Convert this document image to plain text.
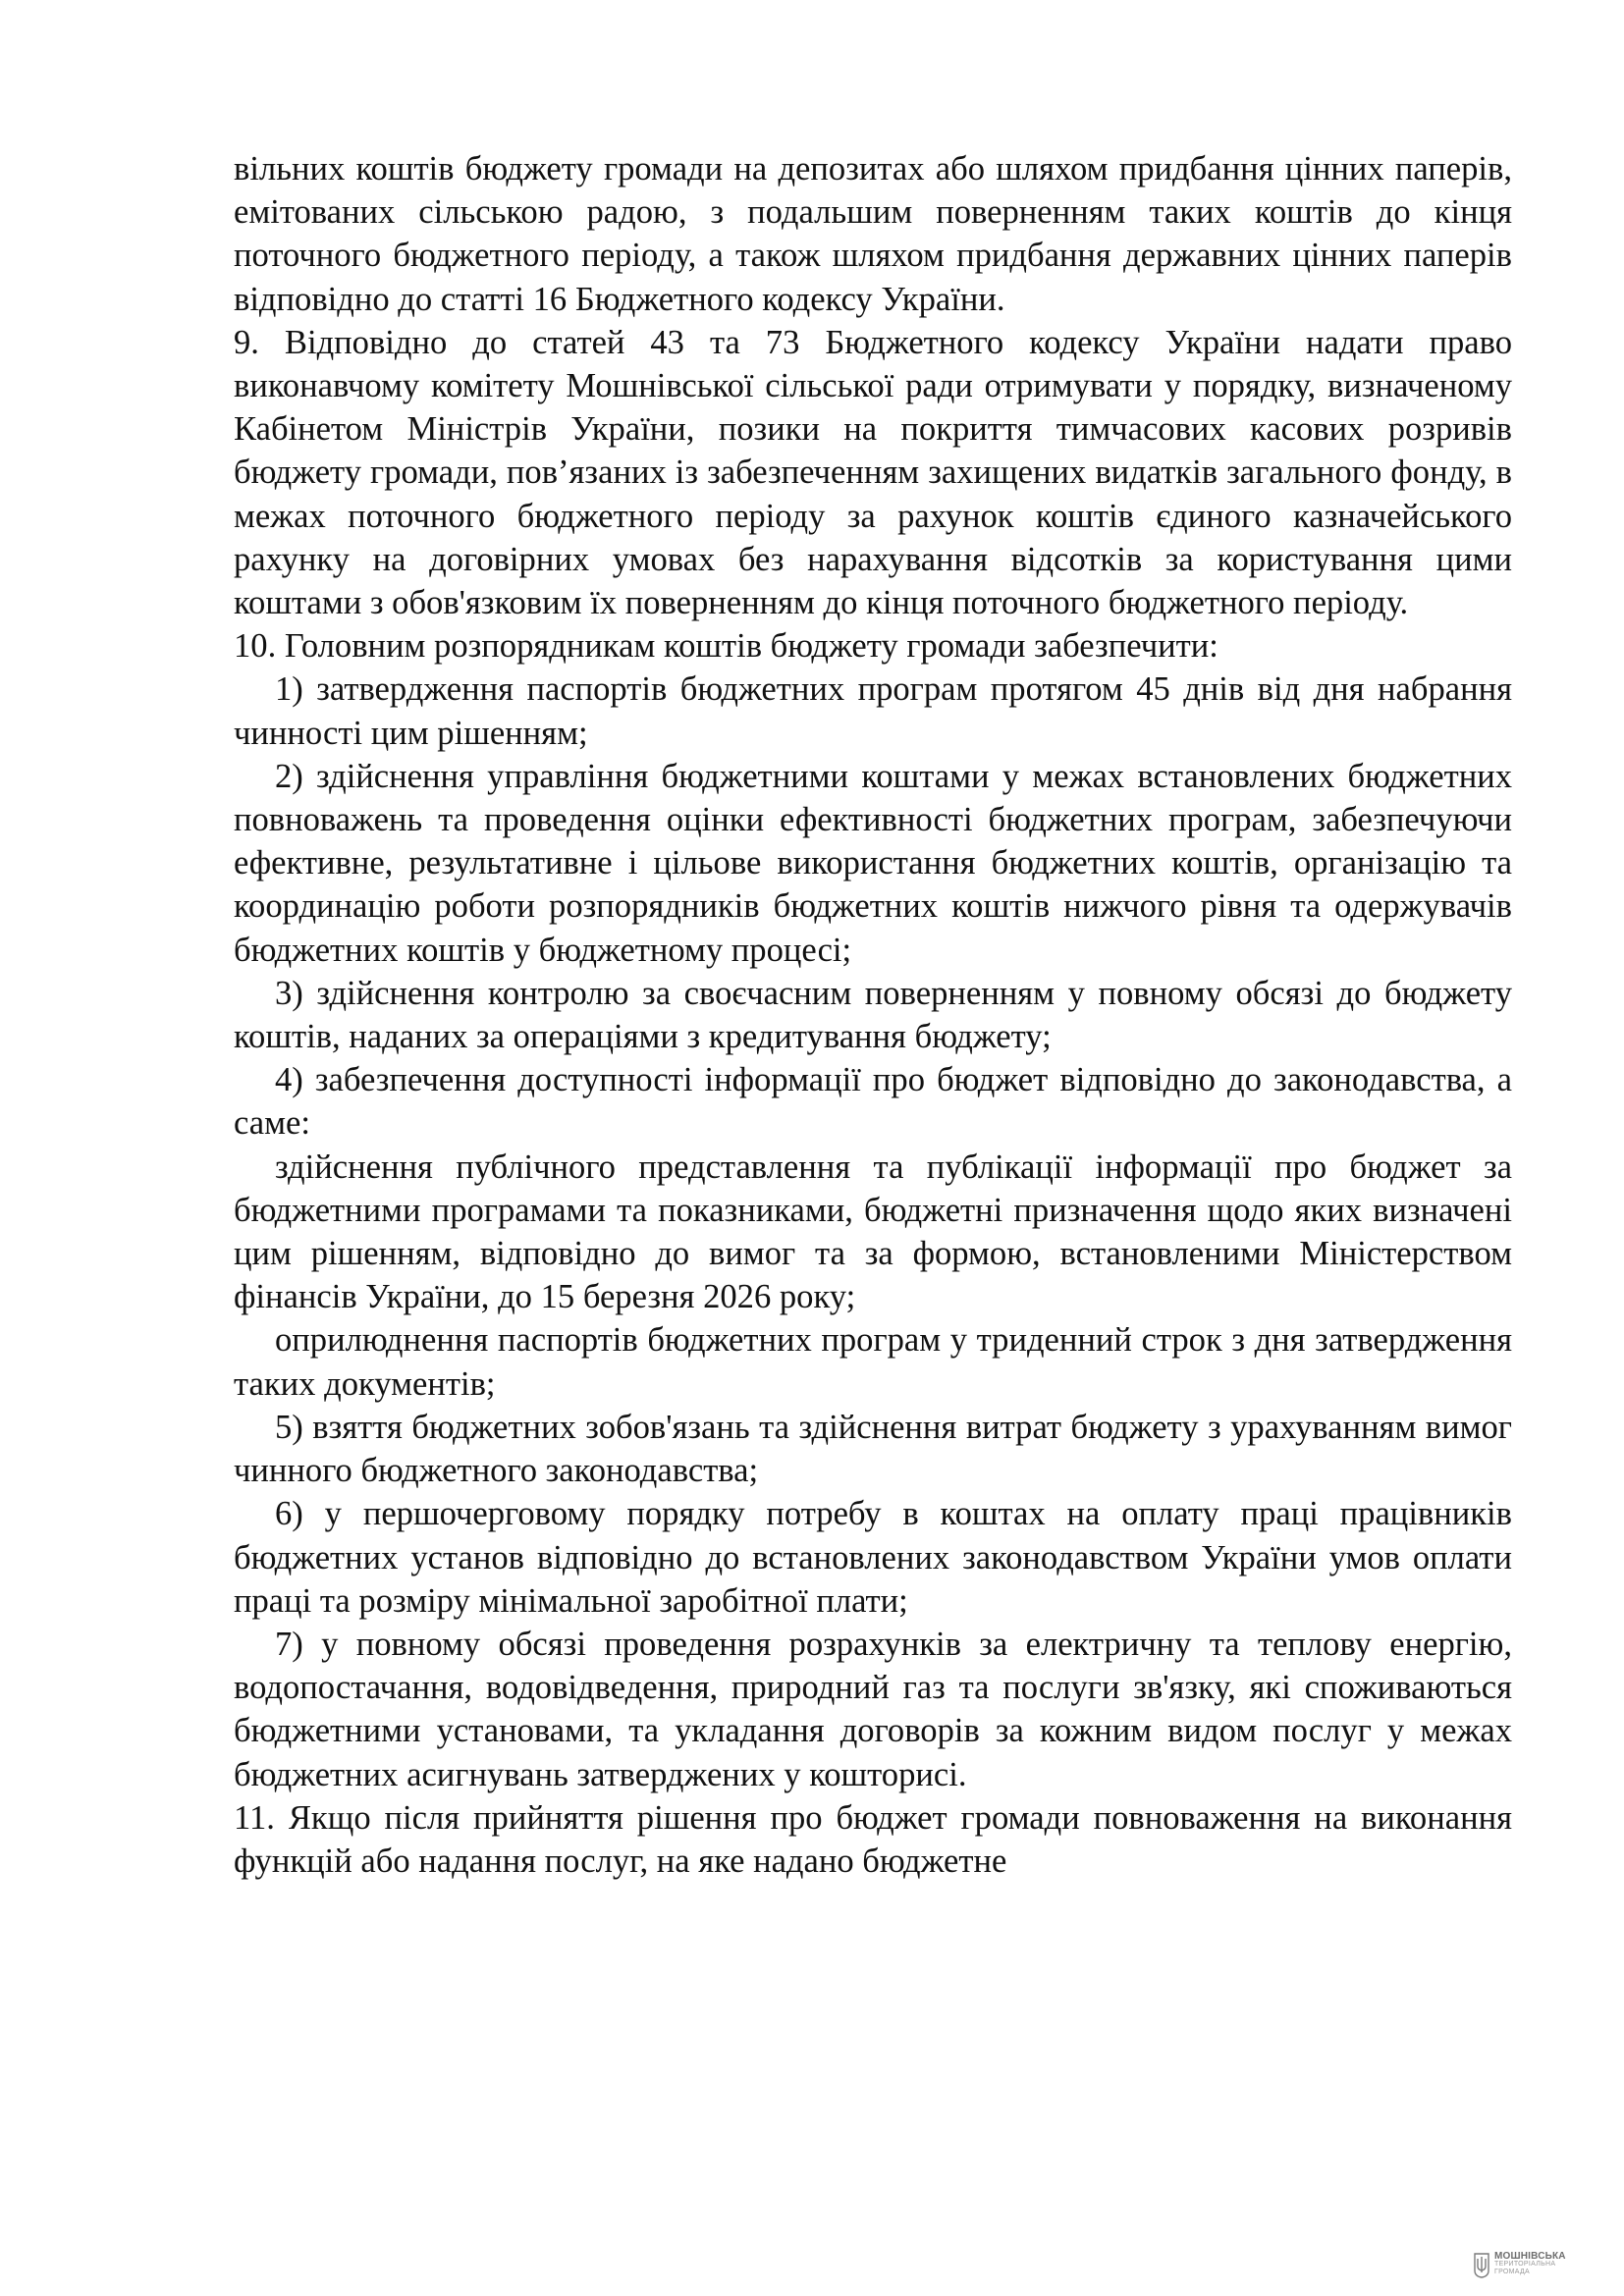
вільних коштів бюджету громади на депозитах або шляхом придбання цінних паперів, емітованих сільською радою, з подальшим поверненням таких коштів до кінця поточного бюджетного періоду, а також шляхом придбання державних цінних паперів відповідно до статті 16 Бюджетного кодексу України.

9. Відповідно до статей 43 та 73 Бюджетного кодексу України надати право виконавчому комітету Мошнівської сільської ради отримувати у порядку, визначеному Кабінетом Міністрів України, позики на покриття тимчасових касових розривів бюджету громади, пов’язаних із забезпеченням захищених видатків загального фонду, в межах поточного бюджетного періоду за рахунок коштів єдиного казначейського рахунку на договірних умовах без нарахування відсотків за користування цими коштами з обов'язковим їх поверненням до кінця поточного бюджетного періоду.

10. Головним розпорядникам коштів бюджету громади забезпечити:

1) затвердження паспортів бюджетних програм протягом 45 днів від дня набрання чинності цим рішенням;

2) здійснення управління бюджетними коштами у межах встановлених бюджетних повноважень та проведення оцінки ефективності бюджетних програм, забезпечуючи ефективне, результативне і цільове використання бюджетних коштів, організацію та координацію роботи розпорядників бюджетних коштів нижчого рівня та одержувачів бюджетних коштів у бюджетному процесі;

3) здійснення контролю за своєчасним поверненням у повному обсязі до бюджету коштів, наданих за операціями з кредитування бюджету;

4) забезпечення доступності інформації про бюджет відповідно до законодавства, а саме:

здійснення публічного представлення та публікації інформації про бюджет за бюджетними програмами та показниками, бюджетні призначення щодо яких визначені цим рішенням, відповідно до вимог та за формою, встановленими Міністерством фінансів України, до 15 березня 2026 року;

оприлюднення паспортів бюджетних програм у триденний строк з дня затвердження таких документів;

5) взяття бюджетних зобов'язань та здійснення витрат бюджету з урахуванням вимог чинного бюджетного законодавства;

6) у першочерговому порядку потребу в коштах на оплату праці працівників бюджетних установ відповідно до встановлених законодавством України умов оплати праці та розміру мінімальної заробітної плати;

7) у повному обсязі проведення розрахунків за електричну та теплову енергію, водопостачання, водовідведення, природний газ та послуги зв'язку, які споживаються бюджетними установами, та укладання договорів за кожним видом послуг у межах бюджетних асигнувань затверджених у кошторисі.

11. Якщо після прийняття рішення про бюджет громади повноваження на виконання функцій або надання послуг, на яке надано бюджетне

МОШНІВСЬКА
ТЕРИТОРІАЛЬНА
ГРОМАДА
